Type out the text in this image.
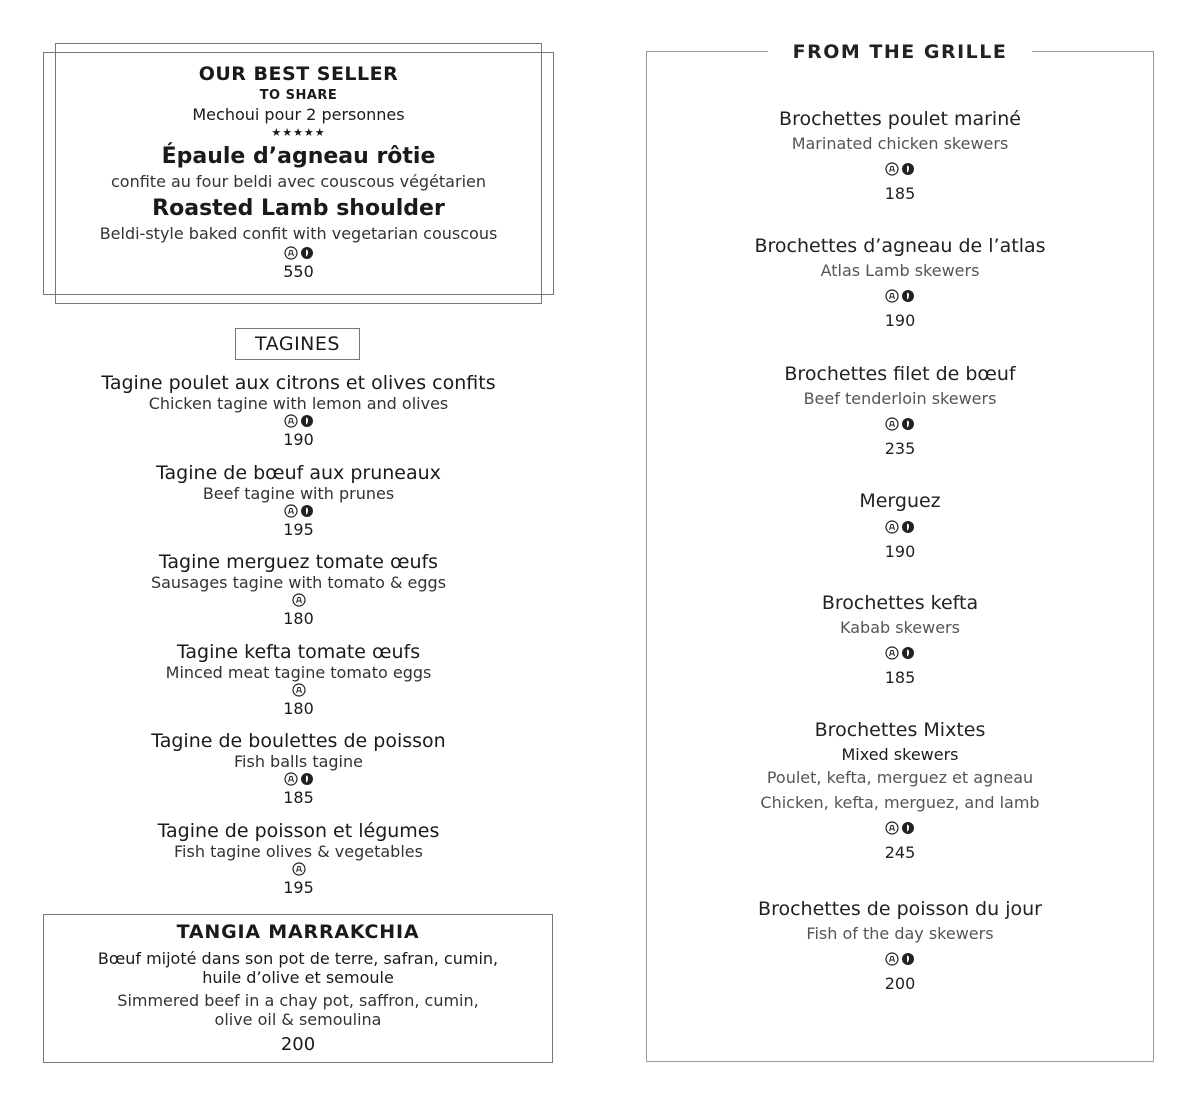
OUR BEST SELLER
TO SHARE
Mechoui pour 2 personnes
★★★★★
Épaule d’agneau rôtie
confite au four beldi avec couscous végétarien
Roasted Lamb shoulder
Beldi-style baked confit with vegetarian couscous
550
TAGINES
Tagine poulet aux citrons et olives confits
Chicken tagine with lemon and olives
190
Tagine de bœuf aux pruneaux
Beef tagine with prunes
195
Tagine merguez tomate œufs
Sausages tagine with tomato & eggs
180
Tagine kefta tomate œufs
Minced meat tagine tomato eggs
180
Tagine de boulettes de poisson
Fish balls tagine
185
Tagine de poisson et légumes
Fish tagine olives & vegetables
195
TANGIA MARRAKCHIA
Bœuf mijoté dans son pot de terre, safran, cumin,
huile d’olive et semoule
Simmered beef in a chay pot, saffron, cumin,
olive oil & semoulina
200
FROM THE GRILLE
Brochettes poulet mariné
Marinated chicken skewers
185
Brochettes d’agneau de l’atlas
Atlas Lamb skewers
190
Brochettes filet de bœuf
Beef tenderloin skewers
235
Merguez
190
Brochettes kefta
Kabab skewers
185
Brochettes Mixtes
Mixed skewers
Poulet, kefta, merguez et agneau
Chicken, kefta, merguez, and lamb
245
Brochettes de poisson du jour
Fish of the day skewers
200
